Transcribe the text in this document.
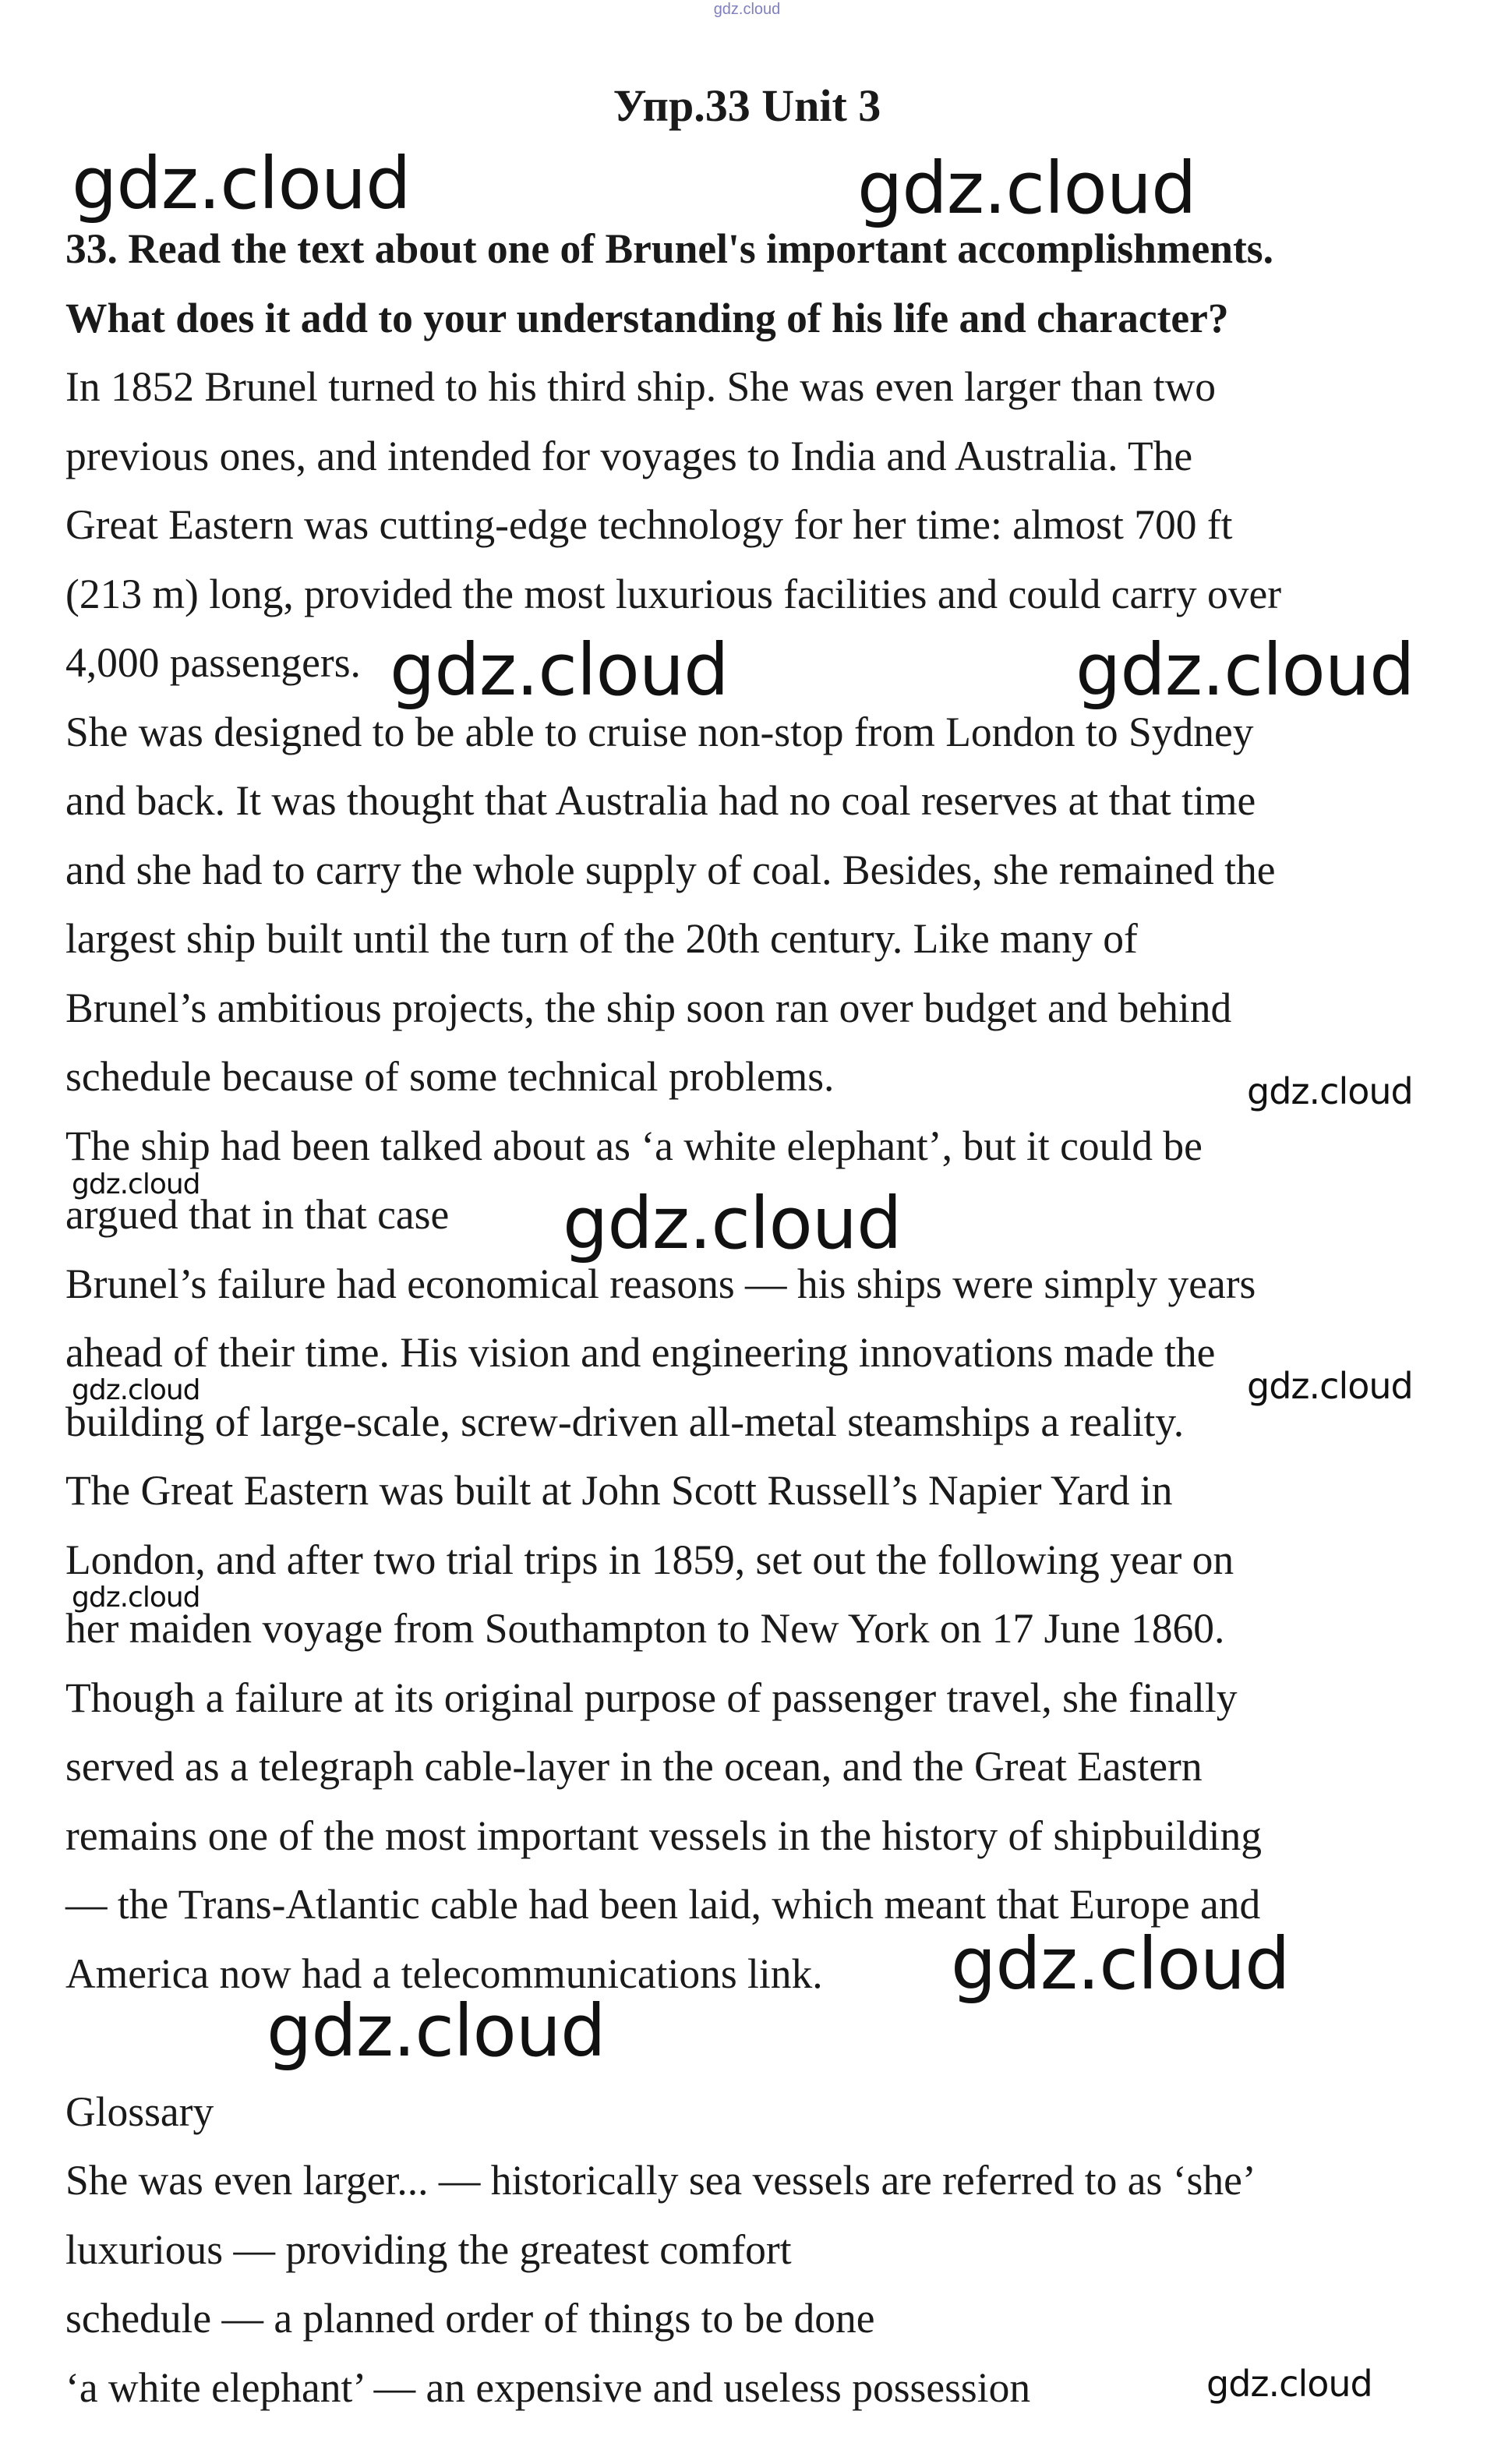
gdz.cloud
Упр.33 Unit 3
33. Read the text about one of Brunel's important accomplishments.
What does it add to your understanding of his life and character?
In 1852 Brunel turned to his third ship. She was even larger than two
previous ones, and intended for voyages to India and Australia. The
Great Eastern was cutting-edge technology for her time: almost 700 ft
(213 m) long, provided the most luxurious facilities and could carry over
4,000 passengers.
She was designed to be able to cruise non-stop from London to Sydney
and back. It was thought that Australia had no coal reserves at that time
and she had to carry the whole supply of coal. Besides, she remained the
largest ship built until the turn of the 20th century. Like many of
Brunel’s ambitious projects, the ship soon ran over budget and behind
schedule because of some technical problems.
The ship had been talked about as ‘a white elephant’, but it could be
argued that in that case
Brunel’s failure had economical reasons — his ships were simply years
ahead of their time. His vision and engineering innovations made the
building of large-scale, screw-driven all-metal steamships a reality.
The Great Eastern was built at John Scott Russell’s Napier Yard in
London, and after two trial trips in 1859, set out the following year on
her maiden voyage from Southampton to New York on 17 June 1860.
Though a failure at its original purpose of passenger travel, she finally
served as a telegraph cable-layer in the ocean, and the Great Eastern
remains one of the most important vessels in the history of shipbuilding
— the Trans-Atlantic cable had been laid, which meant that Europe and
America now had a telecommunications link.
Glossary
She was even larger... — historically sea vessels are referred to as ‘she’
luxurious — providing the greatest comfort
schedule — a planned order of things to be done
‘a white elephant’ — an expensive and useless possession
gdz.cloud	gdz.cloud
gdz.cloud	gdz.cloud
gdz.cloud
gdz.cloud	gdz.cloud
gdz.cloud	gdz.cloud
gdz.cloud
gdz.cloud
gdz.cloud
gdz.cloud
